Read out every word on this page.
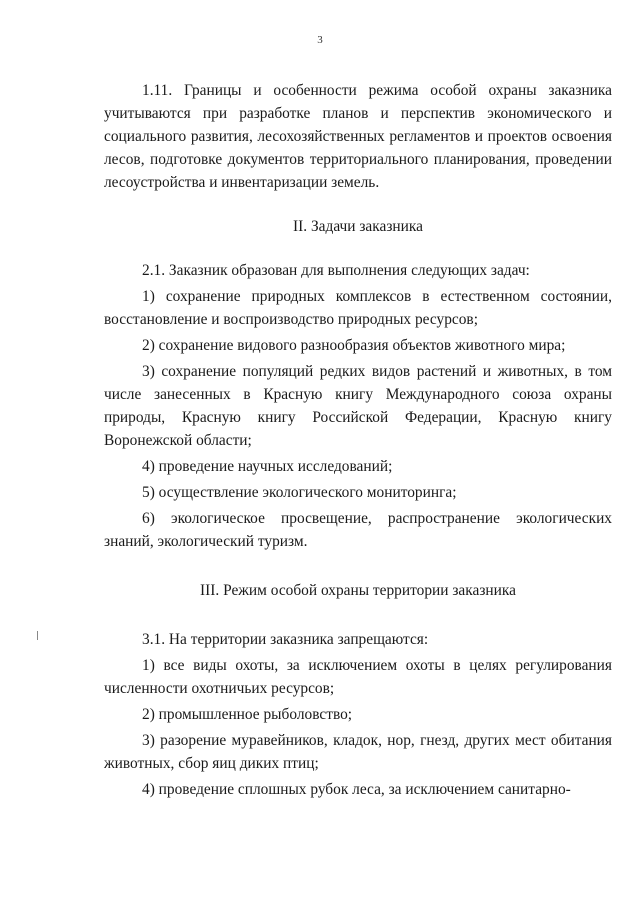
3

1.11. Границы и особенности режима особой охраны заказника учитываются при разработке планов и перспектив экономического и социального развития, лесохозяйственных регламентов и проектов освоения лесов, подготовке документов территориального планирования, проведении лесоустройства и инвентаризации земель.

II. Задачи заказника

2.1. Заказник образован для выполнения следующих задач:

1) сохранение природных комплексов в естественном состоянии, восстановление и воспроизводство природных ресурсов;

2) сохранение видового разнообразия объектов животного мира;

3) сохранение популяций редких видов растений и животных, в том числе занесенных в Красную книгу Международного союза охраны природы, Красную книгу Российской Федерации, Красную книгу Воронежской области;

4) проведение научных исследований;

5) осуществление экологического мониторинга;

6) экологическое просвещение, распространение экологических знаний, экологический туризм.

III. Режим особой охраны территории заказника

3.1. На территории заказника запрещаются:

1) все виды охоты, за исключением охоты в целях регулирования численности охотничьих ресурсов;

2) промышленное рыболовство;

3) разорение муравейников, кладок, нор, гнезд, других мест обитания животных, сбор яиц диких птиц;

4) проведение сплошных рубок леса, за исключением санитарно-
